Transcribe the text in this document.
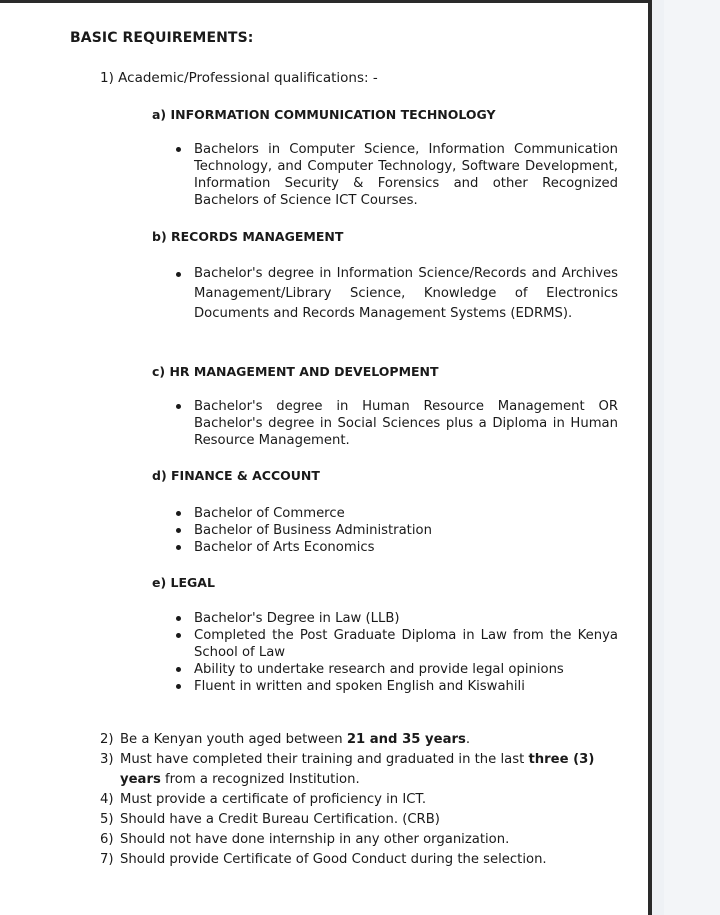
BASIC REQUIREMENTS:
1) Academic/Professional qualifications: -
a) INFORMATION COMMUNICATION TECHNOLOGY
Bachelors in Computer Science, Information Communication Technology, and Computer Technology, Software Development, Information Security & Forensics and other Recognized Bachelors of Science ICT Courses.
b) RECORDS MANAGEMENT
Bachelor's degree in Information Science/Records and Archives Management/Library Science, Knowledge of Electronics Documents and Records Management Systems (EDRMS).
c) HR MANAGEMENT AND DEVELOPMENT
Bachelor's degree in Human Resource Management OR Bachelor's degree in Social Sciences plus a Diploma in Human Resource Management.
d) FINANCE & ACCOUNT
Bachelor of Commerce
Bachelor of Business Administration
Bachelor of Arts Economics
e) LEGAL
Bachelor's Degree in Law (LLB)
Completed the Post Graduate Diploma in Law from the Kenya School of Law
Ability to undertake research and provide legal opinions
Fluent in written and spoken English and Kiswahili
2) Be a Kenyan youth aged between 21 and 35 years.
3) Must have completed their training and graduated in the last three (3) years from a recognized Institution.
4) Must provide a certificate of proficiency in ICT.
5) Should have a Credit Bureau Certification. (CRB)
6) Should not have done internship in any other organization.
7) Should provide Certificate of Good Conduct during the selection.
